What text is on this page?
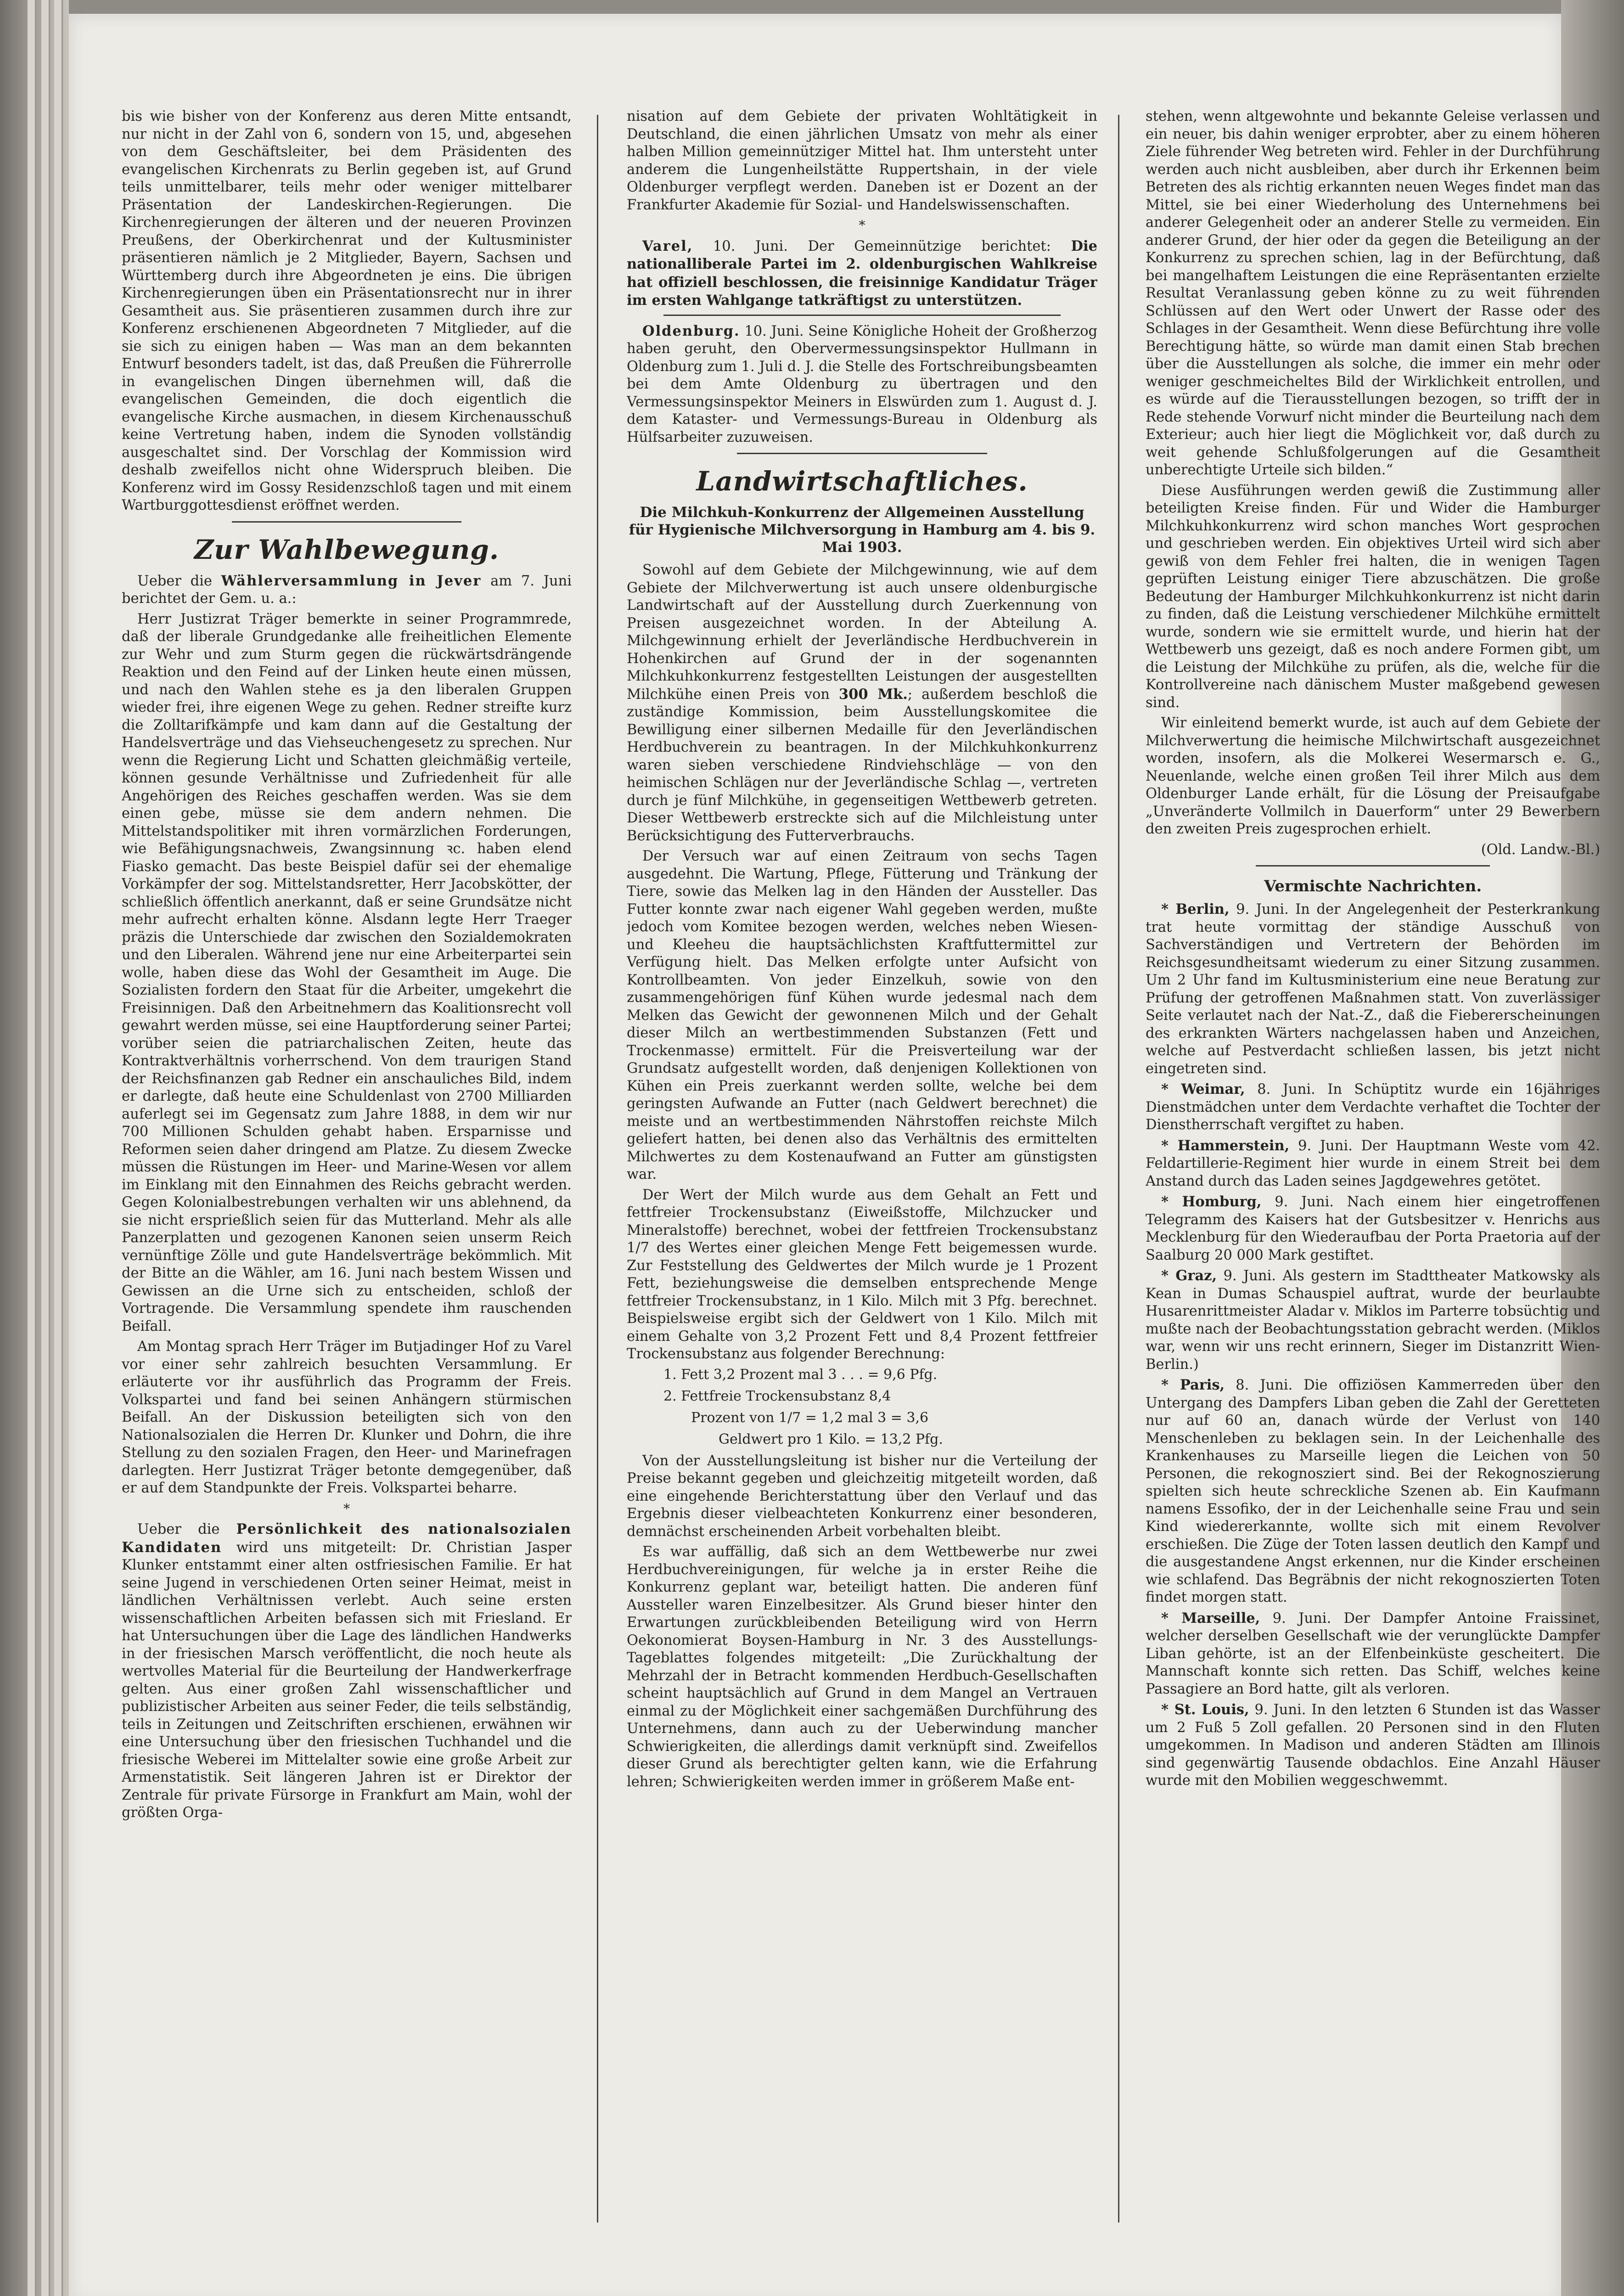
bis wie bisher von der Konferenz aus deren Mitte entsandt, nur nicht in der Zahl von 6, sondern von 15, und, abgesehen von dem Geschäftsleiter, bei dem Präsidenten des evangelischen Kirchenrats zu Berlin gegeben ist, auf Grund teils unmittelbarer, teils mehr oder weniger mittelbarer Präsentation der Landeskirchen-Regierungen. Die Kirchenregierungen der älteren und der neueren Provinzen Preußens, der Oberkirchenrat und der Kultusminister präsentieren nämlich je 2 Mitglieder, Bayern, Sachsen und Württemberg durch ihre Abgeordneten je eins. Die übrigen Kirchenregierungen üben ein Präsentationsrecht nur in ihrer Gesamtheit aus. Sie präsentieren zusammen durch ihre zur Konferenz erschienenen Abgeordneten 7 Mitglieder, auf die sie sich zu einigen haben — Was man an dem bekannten Entwurf besonders tadelt, ist das, daß Preußen die Führerrolle in evangelischen Dingen übernehmen will, daß die evangelischen Gemeinden, die doch eigentlich die evangelische Kirche ausmachen, in diesem Kirchenausschuß keine Vertretung haben, indem die Synoden vollständig ausgeschaltet sind. Der Vorschlag der Kommission wird deshalb zweifellos nicht ohne Widerspruch bleiben. Die Konferenz wird im Gossy Residenzschloß tagen und mit einem Wartburggottesdienst eröffnet werden.

Zur Wahlbewegung.

Ueber die Wählerversammlung in Jever am 7. Juni berichtet der Gem. u. a.:

Herr Justizrat Träger bemerkte in seiner Programmrede, daß der liberale Grundgedanke alle freiheitlichen Elemente zur Wehr und zum Sturm gegen die rückwärtsdrängende Reaktion und den Feind auf der Linken heute einen müssen, und nach den Wahlen stehe es ja den liberalen Gruppen wieder frei, ihre eigenen Wege zu gehen. Redner streifte kurz die Zolltarifkämpfe und kam dann auf die Gestaltung der Handelsverträge und das Viehseuchengesetz zu sprechen. Nur wenn die Regierung Licht und Schatten gleichmäßig verteile, können gesunde Verhältnisse und Zufriedenheit für alle Angehörigen des Reiches geschaffen werden. Was sie dem einen gebe, müsse sie dem andern nehmen. Die Mittelstandspolitiker mit ihren vormärzlichen Forderungen, wie Befähigungsnachweis, Zwangsinnung ꝛc. haben elend Fiasko gemacht. Das beste Beispiel dafür sei der ehemalige Vorkämpfer der sog. Mittelstandsretter, Herr Jacobskötter, der schließlich öffentlich anerkannt, daß er seine Grundsätze nicht mehr aufrecht erhalten könne. Alsdann legte Herr Traeger präzis die Unterschiede dar zwischen den Sozialdemokraten und den Liberalen. Während jene nur eine Arbeiterpartei sein wolle, haben diese das Wohl der Gesamtheit im Auge. Die Sozialisten fordern den Staat für die Arbeiter, umgekehrt die Freisinnigen. Daß den Arbeitnehmern das Koalitionsrecht voll gewahrt werden müsse, sei eine Hauptforderung seiner Partei; vorüber seien die patriarchalischen Zeiten, heute das Kontraktverhältnis vorherrschend. Von dem traurigen Stand der Reichsfinanzen gab Redner ein anschauliches Bild, indem er darlegte, daß heute eine Schuldenlast von 2700 Milliarden auferlegt sei im Gegensatz zum Jahre 1888, in dem wir nur 700 Millionen Schulden gehabt haben. Ersparnisse und Reformen seien daher dringend am Platze. Zu diesem Zwecke müssen die Rüstungen im Heer- und Marine-Wesen vor allem im Einklang mit den Einnahmen des Reichs gebracht werden. Gegen Kolonialbestrebungen verhalten wir uns ablehnend, da sie nicht ersprießlich seien für das Mutterland. Mehr als alle Panzerplatten und gezogenen Kanonen seien unserm Reich vernünftige Zölle und gute Handelsverträge bekömmlich. Mit der Bitte an die Wähler, am 16. Juni nach bestem Wissen und Gewissen an die Urne sich zu entscheiden, schloß der Vortragende. Die Versammlung spendete ihm rauschenden Beifall.

Am Montag sprach Herr Träger im Butjadinger Hof zu Varel vor einer sehr zahlreich besuchten Versammlung. Er erläuterte vor ihr ausführlich das Programm der Freis. Volkspartei und fand bei seinen Anhängern stürmischen Beifall. An der Diskussion beteiligten sich von den Nationalsozialen die Herren Dr. Klunker und Dohrn, die ihre Stellung zu den sozialen Fragen, den Heer- und Marinefragen darlegten. Herr Justizrat Träger betonte demgegenüber, daß er auf dem Standpunkte der Freis. Volkspartei beharre.

*

Ueber die Persönlichkeit des nationalsozialen Kandidaten wird uns mitgeteilt: Dr. Christian Jasper Klunker entstammt einer alten ostfriesischen Familie. Er hat seine Jugend in verschiedenen Orten seiner Heimat, meist in ländlichen Verhältnissen verlebt. Auch seine ersten wissenschaftlichen Arbeiten befassen sich mit Friesland. Er hat Untersuchungen über die Lage des ländlichen Handwerks in der friesischen Marsch veröffentlicht, die noch heute als wertvolles Material für die Beurteilung der Handwerkerfrage gelten. Aus einer großen Zahl wissenschaftlicher und publizistischer Arbeiten aus seiner Feder, die teils selbständig, teils in Zeitungen und Zeitschriften erschienen, erwähnen wir eine Untersuchung über den friesischen Tuchhandel und die friesische Weberei im Mittelalter sowie eine große Arbeit zur Armenstatistik. Seit längeren Jahren ist er Direktor der Zentrale für private Fürsorge in Frankfurt am Main, wohl der größten Orga-

nisation auf dem Gebiete der privaten Wohltätigkeit in Deutschland, die einen jährlichen Umsatz von mehr als einer halben Million gemeinnütziger Mittel hat. Ihm untersteht unter anderem die Lungenheilstätte Ruppertshain, in der viele Oldenburger verpflegt werden. Daneben ist er Dozent an der Frankfurter Akademie für Sozial- und Handelswissenschaften.

*

Varel, 10. Juni. Der Gemeinnützige berichtet: Die nationalliberale Partei im 2. oldenburgischen Wahlkreise hat offiziell beschlossen, die freisinnige Kandidatur Träger im ersten Wahlgange tatkräftigst zu unterstützen.

Oldenburg. 10. Juni. Seine Königliche Hoheit der Großherzog haben geruht, den Obervermessungsinspektor Hullmann in Oldenburg zum 1. Juli d. J. die Stelle des Fortschreibungsbeamten bei dem Amte Oldenburg zu übertragen und den Vermessungsinspektor Meiners in Elswürden zum 1. August d. J. dem Kataster- und Vermessungs-Bureau in Oldenburg als Hülfsarbeiter zuzuweisen.

Landwirtschaftliches.
Die Milchkuh-Konkurrenz der Allgemeinen Ausstellung für Hygienische Milchversorgung in Hamburg am 4. bis 9. Mai 1903.

Sowohl auf dem Gebiete der Milchgewinnung, wie auf dem Gebiete der Milchverwertung ist auch unsere oldenburgische Landwirtschaft auf der Ausstellung durch Zuerkennung von Preisen ausgezeichnet worden. In der Abteilung A. Milchgewinnung erhielt der Jeverländische Herdbuchverein in Hohenkirchen auf Grund der in der sogenannten Milchkuhkonkurrenz festgestellten Leistungen der ausgestellten Milchkühe einen Preis von 300 Mk.; außerdem beschloß die zuständige Kommission, beim Ausstellungskomitee die Bewilligung einer silbernen Medaille für den Jeverländischen Herdbuchverein zu beantragen. In der Milchkuhkonkurrenz waren sieben verschiedene Rindviehschläge — von den heimischen Schlägen nur der Jeverländische Schlag —, vertreten durch je fünf Milchkühe, in gegenseitigen Wettbewerb getreten. Dieser Wettbewerb erstreckte sich auf die Milchleistung unter Berücksichtigung des Futterverbrauchs.

Der Versuch war auf einen Zeitraum von sechs Tagen ausgedehnt. Die Wartung, Pflege, Fütterung und Tränkung der Tiere, sowie das Melken lag in den Händen der Aussteller. Das Futter konnte zwar nach eigener Wahl gegeben werden, mußte jedoch vom Komitee bezogen werden, welches neben Wiesen- und Kleeheu die hauptsächlichsten Kraftfuttermittel zur Verfügung hielt. Das Melken erfolgte unter Aufsicht von Kontrollbeamten. Von jeder Einzelkuh, sowie von den zusammengehörigen fünf Kühen wurde jedesmal nach dem Melken das Gewicht der gewonnenen Milch und der Gehalt dieser Milch an wertbestimmenden Substanzen (Fett und Trockenmasse) ermittelt. Für die Preisverteilung war der Grundsatz aufgestellt worden, daß denjenigen Kollektionen von Kühen ein Preis zuerkannt werden sollte, welche bei dem geringsten Aufwande an Futter (nach Geldwert berechnet) die meiste und an wertbestimmenden Nährstoffen reichste Milch geliefert hatten, bei denen also das Verhältnis des ermittelten Milchwertes zu dem Kostenaufwand an Futter am günstigsten war.

Der Wert der Milch wurde aus dem Gehalt an Fett und fettfreier Trockensubstanz (Eiweißstoffe, Milchzucker und Mineralstoffe) berechnet, wobei der fettfreien Trockensubstanz 1/7 des Wertes einer gleichen Menge Fett beigemessen wurde. Zur Feststellung des Geldwertes der Milch wurde je 1 Prozent Fett, beziehungsweise die demselben entsprechende Menge fettfreier Trockensubstanz, in 1 Kilo. Milch mit 3 Pfg. berechnet. Beispielsweise ergibt sich der Geldwert von 1 Kilo. Milch mit einem Gehalte von 3,2 Prozent Fett und 8,4 Prozent fettfreier Trockensubstanz aus folgender Berechnung:

1. Fett 3,2 Prozent mal 3 . . . = 9,6 Pfg.
2. Fettfreie Trockensubstanz 8,4
Prozent von 1/7 = 1,2 mal 3 = 3,6
Geldwert pro 1 Kilo. = 13,2 Pfg.

Von der Ausstellungsleitung ist bisher nur die Verteilung der Preise bekannt gegeben und gleichzeitig mitgeteilt worden, daß eine eingehende Berichterstattung über den Verlauf und das Ergebnis dieser vielbeachteten Konkurrenz einer besonderen, demnächst erscheinenden Arbeit vorbehalten bleibt.

Es war auffällig, daß sich an dem Wettbewerbe nur zwei Herdbuchvereinigungen, für welche ja in erster Reihe die Konkurrenz geplant war, beteiligt hatten. Die anderen fünf Aussteller waren Einzelbesitzer. Als Grund bieser hinter den Erwartungen zurückbleibenden Beteiligung wird von Herrn Oekonomierat Boysen-Hamburg in Nr. 3 des Ausstellungs-Tageblattes folgendes mitgeteilt: „Die Zurückhaltung der Mehrzahl der in Betracht kommenden Herdbuch-Gesellschaften scheint hauptsächlich auf Grund in dem Mangel an Vertrauen einmal zu der Möglichkeit einer sachgemäßen Durchführung des Unternehmens, dann auch zu der Ueberwindung mancher Schwierigkeiten, die allerdings damit verknüpft sind. Zweifellos dieser Grund als berechtigter gelten kann, wie die Erfahrung lehren; Schwierigkeiten werden immer in größerem Maße ent-

stehen, wenn altgewohnte und bekannte Geleise verlassen und ein neuer, bis dahin weniger erprobter, aber zu einem höheren Ziele führender Weg betreten wird. Fehler in der Durchführung werden auch nicht ausbleiben, aber durch ihr Erkennen beim Betreten des als richtig erkannten neuen Weges findet man das Mittel, sie bei einer Wiederholung des Unternehmens bei anderer Gelegenheit oder an anderer Stelle zu vermeiden. Ein anderer Grund, der hier oder da gegen die Beteiligung an der Konkurrenz zu sprechen schien, lag in der Befürchtung, daß bei mangelhaftem Leistungen die eine Repräsentanten erzielte Resultat Veranlassung geben könne zu zu weit führenden Schlüssen auf den Wert oder Unwert der Rasse oder des Schlages in der Gesamtheit. Wenn diese Befürchtung ihre volle Berechtigung hätte, so würde man damit einen Stab brechen über die Ausstellungen als solche, die immer ein mehr oder weniger geschmeicheltes Bild der Wirklichkeit entrollen, und es würde auf die Tierausstellungen bezogen, so trifft der in Rede stehende Vorwurf nicht minder die Beurteilung nach dem Exterieur; auch hier liegt die Möglichkeit vor, daß durch zu weit gehende Schlußfolgerungen auf die Gesamtheit unberechtigte Urteile sich bilden.“

Diese Ausführungen werden gewiß die Zustimmung aller beteiligten Kreise finden. Für und Wider die Hamburger Milchkuhkonkurrenz wird schon manches Wort gesprochen und geschrieben werden. Ein objektives Urteil wird sich aber gewiß von dem Fehler frei halten, die in wenigen Tagen geprüften Leistung einiger Tiere abzuschätzen. Die große Bedeutung der Hamburger Milchkuhkonkurrenz ist nicht darin zu finden, daß die Leistung verschiedener Milchkühe ermittelt wurde, sondern wie sie ermittelt wurde, und hierin hat der Wettbewerb uns gezeigt, daß es noch andere Formen gibt, um die Leistung der Milchkühe zu prüfen, als die, welche für die Kontrollvereine nach dänischem Muster maßgebend gewesen sind.

Wir einleitend bemerkt wurde, ist auch auf dem Gebiete der Milchverwertung die heimische Milchwirtschaft ausgezeichnet worden, insofern, als die Molkerei Wesermarsch e. G., Neuenlande, welche einen großen Teil ihrer Milch aus dem Oldenburger Lande erhält, für die Lösung der Preisaufgabe „Unveränderte Vollmilch in Dauerform“ unter 29 Bewerbern den zweiten Preis zugesprochen erhielt.

(Old. Landw.-Bl.)

Vermischte Nachrichten.

* Berlin, 9. Juni. In der Angelegenheit der Pesterkrankung trat heute vormittag der ständige Ausschuß von Sachverständigen und Vertretern der Behörden im Reichsgesundheitsamt wiederum zu einer Sitzung zusammen. Um 2 Uhr fand im Kultusministerium eine neue Beratung zur Prüfung der getroffenen Maßnahmen statt. Von zuverlässiger Seite verlautet nach der Nat.-Z., daß die Fiebererscheinungen des erkrankten Wärters nachgelassen haben und Anzeichen, welche auf Pestverdacht schließen lassen, bis jetzt nicht eingetreten sind.

* Weimar, 8. Juni. In Schüptitz wurde ein 16jähriges Dienstmädchen unter dem Verdachte verhaftet die Tochter der Dienstherrschaft vergiftet zu haben.

* Hammerstein, 9. Juni. Der Hauptmann Weste vom 42. Feldartillerie-Regiment hier wurde in einem Streit bei dem Anstand durch das Laden seines Jagdgewehres getötet.

* Homburg, 9. Juni. Nach einem hier eingetroffenen Telegramm des Kaisers hat der Gutsbesitzer v. Henrichs aus Mecklenburg für den Wiederaufbau der Porta Praetoria auf der Saalburg 20 000 Mark gestiftet.

* Graz, 9. Juni. Als gestern im Stadttheater Matkowsky als Kean in Dumas Schauspiel auftrat, wurde der beurlaubte Husarenrittmeister Aladar v. Miklos im Parterre tobsüchtig und mußte nach der Beobachtungsstation gebracht werden. (Miklos war, wenn wir uns recht erinnern, Sieger im Distanzritt Wien-Berlin.)

* Paris, 8. Juni. Die offiziösen Kammerreden über den Untergang des Dampfers Liban geben die Zahl der Geretteten nur auf 60 an, danach würde der Verlust von 140 Menschenleben zu beklagen sein. In der Leichenhalle des Krankenhauses zu Marseille liegen die Leichen von 50 Personen, die rekognosziert sind. Bei der Rekognoszierung spielten sich heute schreckliche Szenen ab. Ein Kaufmann namens Essofiko, der in der Leichenhalle seine Frau und sein Kind wiedererkannte, wollte sich mit einem Revolver erschießen. Die Züge der Toten lassen deutlich den Kampf und die ausgestandene Angst erkennen, nur die Kinder erscheinen wie schlafend. Das Begräbnis der nicht rekognoszierten Toten findet morgen statt.

* Marseille, 9. Juni. Der Dampfer Antoine Fraissinet, welcher derselben Gesellschaft wie der verunglückte Dampfer Liban gehörte, ist an der Elfenbeinküste gescheitert. Die Mannschaft konnte sich retten. Das Schiff, welches keine Passagiere an Bord hatte, gilt als verloren.

* St. Louis, 9. Juni. In den letzten 6 Stunden ist das Wasser um 2 Fuß 5 Zoll gefallen. 20 Personen sind in den Fluten umgekommen. In Madison und anderen Städten am Illinois sind gegenwärtig Tausende obdachlos. Eine Anzahl Häuser wurde mit den Mobilien weggeschwemmt.
